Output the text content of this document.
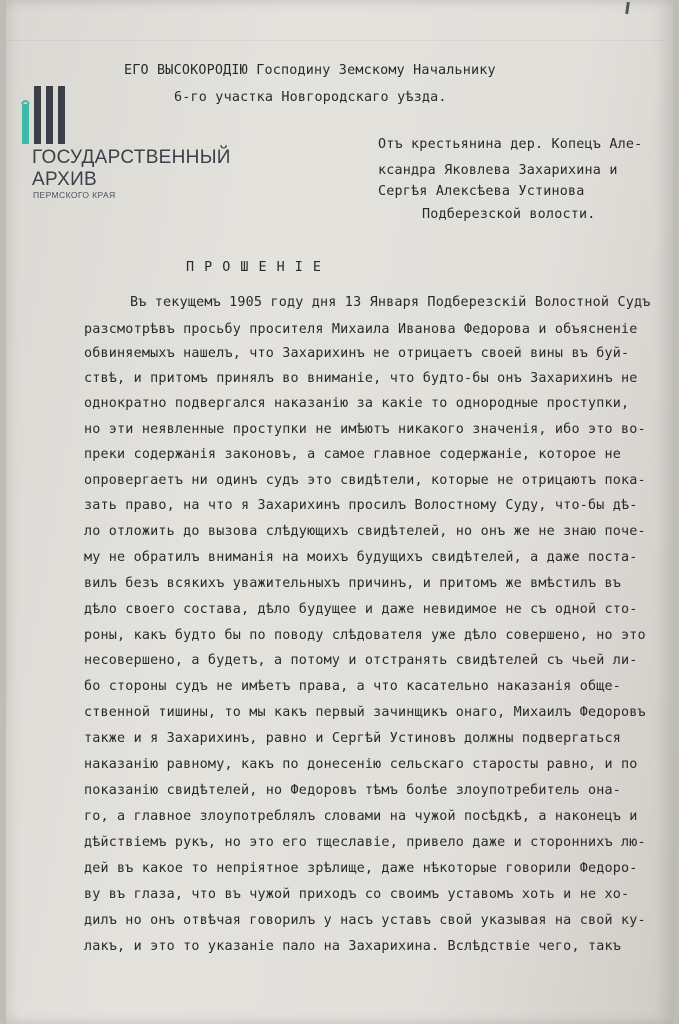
ГОСУДАРСТВЕННЫЙ
АРХИВ
ПЕРМСКОГО КРАЯ
ЕГО ВЫСОКОРОДІЮ Господину Земскому Начальнику
6-го участка Новгородскаго уѣзда.
Отъ крестьянина дер. Копецъ Але-
ксандра Яковлева Захарихина и
Сергѣя Алексѣева Устинова
Подберезской волости.
П Р О Ш Е Н І Е
Въ текущемъ 1905 году дня 13 Января Подберезскій Волостной Судъ
разсмотрѣвъ просьбу просителя Михаила Иванова Федорова и объясненіе
обвиняемыхъ нашелъ, что Захарихинъ не отрицаетъ своей вины въ буй-
ствѣ, и притомъ принялъ во вниманіе, что будто-бы онъ Захарихинъ не
однократно подвергался наказанію за какіе то однородные проступки,
но эти неявленные проступки не имѣютъ никакого значенія, ибо это во-
преки содержанія законовъ, а самое главное содержаніе, которое не
опровергаетъ ни одинъ судъ это свидѣтели, которые не отрицаютъ пока-
зать право, на что я Захарихинъ просилъ Волостному Суду, что-бы дѣ-
ло отложить до вызова слѣдующихъ свидѣтелей, но онъ же не знаю поче-
му не обратилъ вниманія на моихъ будущихъ свидѣтелей, а даже поста-
вилъ безъ всякихъ уважительныхъ причинъ, и притомъ же вмѣстилъ въ
дѣло своего состава, дѣло будущее и даже невидимое не съ одной сто-
роны, какъ будто бы по поводу слѣдователя уже дѣло совершено, но это
несовершено, а будетъ, а потому и отстранять свидѣтелей съ чьей ли-
бо стороны судъ не имѣетъ права, а что касательно наказанія обще-
ственной тишины, то мы какъ первый зачинщикъ онаго, Михаилъ Федоровъ
также и я Захарихинъ, равно и Сергѣй Устиновъ должны подвергаться
наказанію равному, какъ по донесенію сельскаго старосты равно, и по
показанію свидѣтелей, но Федоровъ тѣмъ болѣе злоупотребитель она-
го, а главное злоупотреблялъ словами на чужой посѣдкѣ, а наконецъ и
дѣйствіемъ рукъ, но это его тщеславіе, привело даже и стороннихъ лю-
дей въ какое то непріятное зрѣлище, даже нѣкоторые говорили Федоро-
ву въ глаза, что въ чужой приходъ со своимъ уставомъ хоть и не хо-
дилъ но онъ отвѣчая говорилъ у насъ уставъ свой указывая на свой ку-
лакъ, и это то указаніе пало на Захарихина. Вслѣдствіе чего, такъ
